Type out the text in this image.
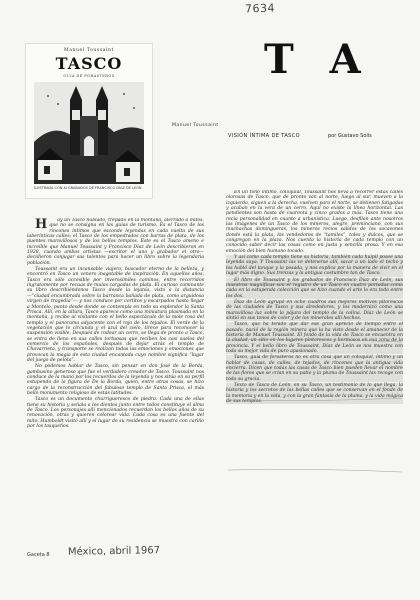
7634
Manuel Toussaint
TASCO
GUIA DE FORASTEROS
ILUSTRADA CON XI GRABADOS DE FRANCISCO DÍAZ DE LEÓN
Manuel Toussaint
TA
VISIÓN ÍNTIMA DE TASCO	por Gustavo Solís

H ay un Tasco nublado, trepado en la montaña, alerrado a mitos, que no se consigna en las guías de turismo. Es el Tasco de los rincones íntimos que esconde leyendas en cada vuelta de sus laberínticas calles; el Tasco de los empedrados con barras de plata, de los puentes maravillosos y de los bellos templos. Este es el Tasco ameno e increíble que Manuel Toussaint y Francisco Díaz de León describieron en 1928, cuando ambos artistas —escritor el uno y grabador el otro— decidieron conjugar sus talentos para hacer un libro sobre la legendaria población.

Toussaint era un incansable viajero, buscador eterno de la belleza, y encontró en Tasco un venero inagotable de inspiración. En aquellos años, Tasco era sólo accesible por inverosímiles caminos, entre recorridos ingratamente por recuas de mulas cargadas de plata. El curioso caminante su libro describiéndonos Tasco desde la lejanía, visto a la distancia —“ciudad encumbrada sobre la barranca bañada de plata, como arguidosa virgen de tragedia”— y nos conduce por cortitos y escarpados hasta llegar a Montelo, punto desde donde se contempla en todo su esplendor la Santa Prisca. Allí, en la altura, Tasco aparece como una miniatura plasmada en la montaña, y recibe al visitante con el bello espectáculo de la mole rosa del templo y el panorama adyacente con el rojo de los tejados. El verde de la vegetación que lo circunda y el azul del cielo, tirece para reconocer la suspensión visible. Después de rodear un cerro, se llega de pronto a Tasco, se entra de lleno en sus calles tortuosas que reciben los casi suelos del comercio de los españoles, después de dejar atrás el templo de Chavarrieta, y transporte se realizan todas las emociones y emociones que provocan la magia de esta ciudad encantada cuyo nombre significa “lugar del juego de pelota”.

No podemos hablar de Tasco, sin pensar en don José de la Borda, gambusino generoso que fue el verdadero creador de Tasco. Toussaint nos conduce de la mano por los recuerdos de la leyenda y nos sitúa en su perfil estupendo de la figura de De la Borda, quien, entre otras cosas, se hizo cargo de la reconstrucción del fabuloso templo de Santa Prisca, el más bello monumento religioso de estas latitudes.

Tasco es un documento churrigueresco de piedra. Cada una de ellas tiene su historia y señala a los dientes junto entre todos constituye el alma de Tasco. Los personajes allí mencionados recuerdan los bellos años de su renovación, otras y quieren colorear vida. Cada cosa es una fuente del mito. Humboldt visitó allí y el lugar de su residencia se muestra con cariño por los tasqueños.

En un tono íntimo, coloquial, Toussaint nos lleva a recorrer estas calles olorosas de Tasco, que de pronto van al norte, luego al sur, mueven a la izquierda, siguen a la derecha, vuelven para el norte, se detienen fatigadas y acaban en la vera de un cerro. Aquí no existe la línea horizontal. Las pendientes son hasta de cuarenta y cinco grados a más. Tasco tiene una recia personalidad en cuanto a urbanística. Luego, desfilan ante nosotros las imágenes de un Tasco de los mineros, alegre, preminciano, con sus muchachas domingueras, los mineros recios salidos de los socavones donde está la plata, los vendedores de “tamiles”, toles y dulces, que se congregan en la plaza. Nos cuenta la historia de cada templo con un conocido saber decir las cosas como en justa y sencilla prosa. Y en esa emoción del bien humano tocado.

Y así como cada templo tiene su historia, también cada huipil posee una leyenda suya. Y Toussaint las ve detenerse allí, sacar a un lado el techo y los habló del tanque y la posada, y nos explica por la manera de vivir en el lugar más digno. Sus trenzas y la antigua costumbre tan de Tasco.

El libro de Toussaint y los grabados de Francisco Díaz de León, sus muestras magníficas son el registro de un Tasco en cuatro portadas como cada en la estupenda colección que se hizo cuando el arte lo era todo entre los dos.

Díaz de León agrupó en ocho cuadros sus mejores motivos pitorescos de las ciudades de Tasco y sus alrededores, y los modernizó como una maravillosa luz sobre la pájara del templo de la colina. Díaz de León se sintió en sus tonos de color y de los minerales allí hechos.

Tasco, que ha tenido que dar ese gran aprecio de tiempo entre el pasado, nació de la región minera que la ha visto desde el amanecer de la historia de Manuel Toussaint. El fondo de la vida de Tasco se encuentra en la ciudad, un sitio en los lugares pintorescos y hermosos en esa zona de la provincia. Y el bello libro de Toussaint, Díaz de León se nos muestra con toda su mejor vida de puro apasionado.

Tasco, guía de forasteros no es otra cosa que un coloquial, íntimo y un hablar de casas, de calles, de tejados, de rincones que la antigua vida encierra. Dicen que todas las casas de Tasco bien pueden llevar el nombre de las flores que se crían en su patio y la pluma de Toussaint las recoge con toda su gracia.

Texto de Tasco de León, en su Tasco, un testimonio de lo que llega, la historia y los secretos de las bellas calles que se conservan en el fondo de la memoria y en la vida, y con la gran fantasía de la pluma, y la vida mágica de sus templos.

Gaceta 8 México, abril 1967
